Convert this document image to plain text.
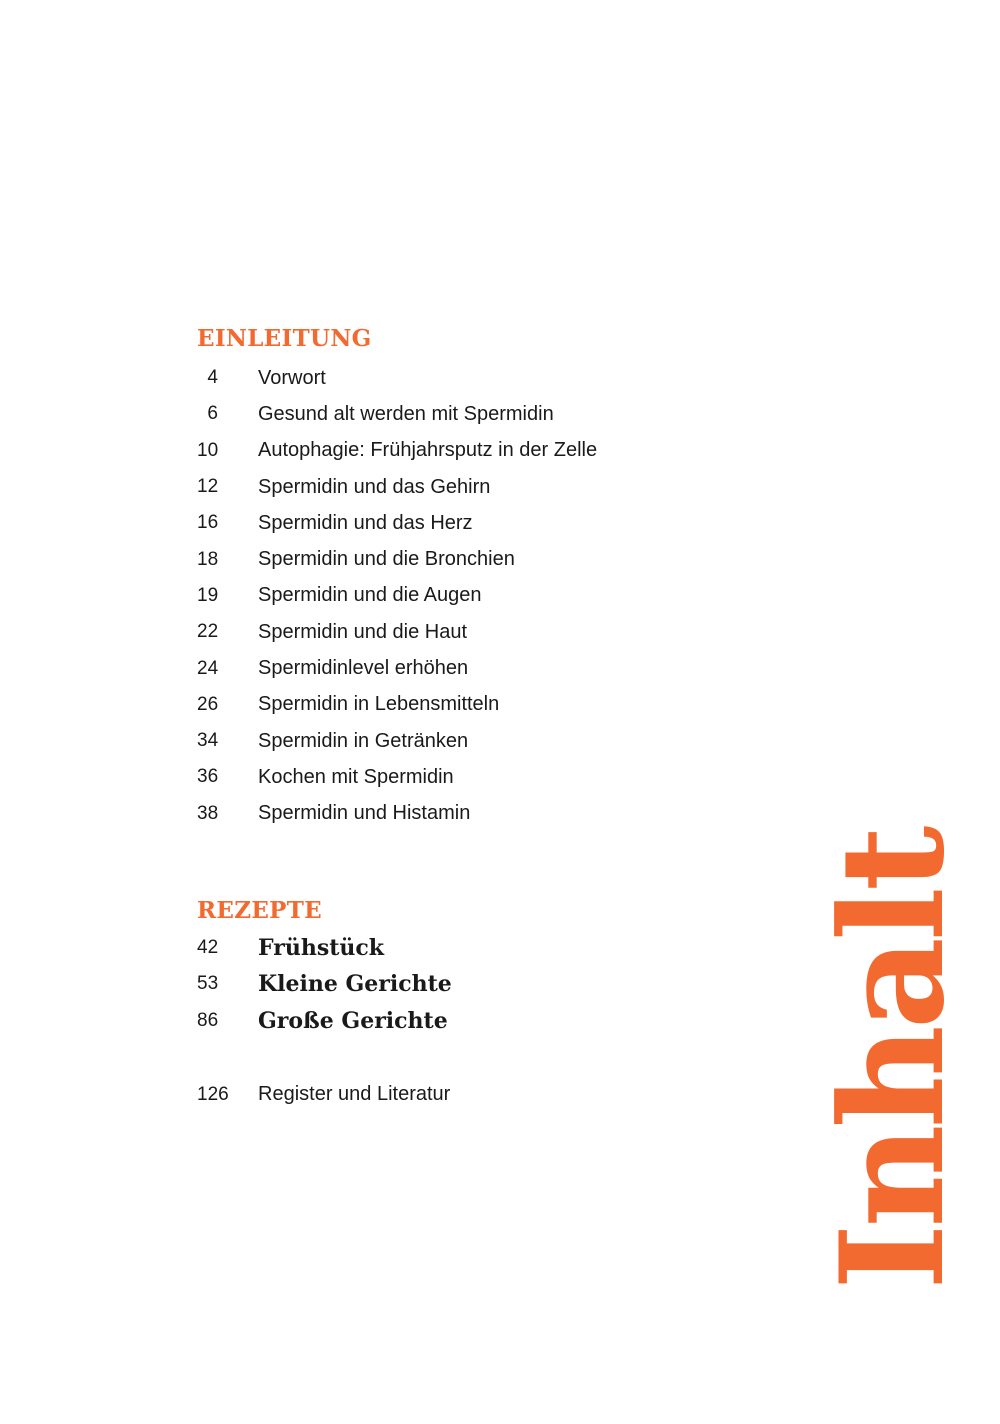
EINLEITUNG
4 Vorwort
6 Gesund alt werden mit Spermidin
10	Autophagie: Frühjahrsputz in der Zelle
12	Spermidin und das Gehirn
16	Spermidin und das Herz
18	Spermidin und die Bronchien
19	Spermidin und die Augen
22	Spermidin und die Haut
24	Spermidinlevel erhöhen
26	Spermidin in Lebensmitteln
34	Spermidin in Getränken
36	Kochen mit Spermidin
38	Spermidin und Histamin
REZEPTE
42	Frühstück
53	Kleine Gerichte
86	Große Gerichte
126	Register und Literatur	Inhalt
